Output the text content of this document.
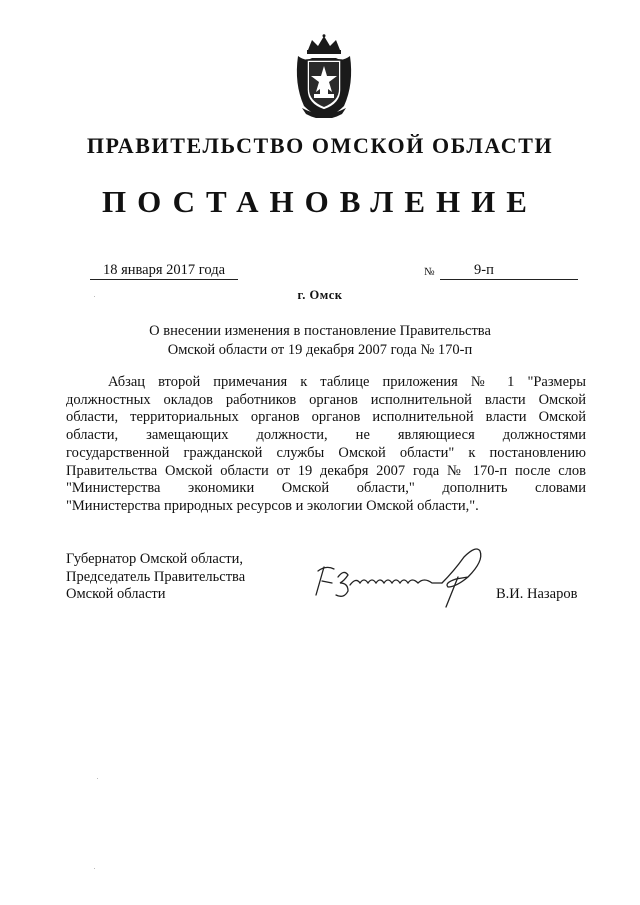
ПРАВИТЕЛЬСТВО ОМСКОЙ ОБЛАСТИ
ПОСТАНОВЛЕНИЕ
18 января 2017 года	№	9-п
г. Омск
О внесении изменения в постановление Правительства
Омской области от 19 декабря 2007 года № 170-п
Абзац второй примечания к таблице приложения № 1 "Размеры
должностных окладов работников органов исполнительной власти Омской
области, территориальных органов органов исполнительной власти Омской
области, замещающих должности, не являющиеся должностями
государственной гражданской службы Омской области" к постановлению
Правительства Омской области от 19 декабря 2007 года № 170-п после слов
"Министерства экономики Омской области," дополнить словами
"Министерства природных ресурсов и экологии Омской области,".
Губернатор Омской области,
Председатель Правительства
Омской области	В.И. Назаров
